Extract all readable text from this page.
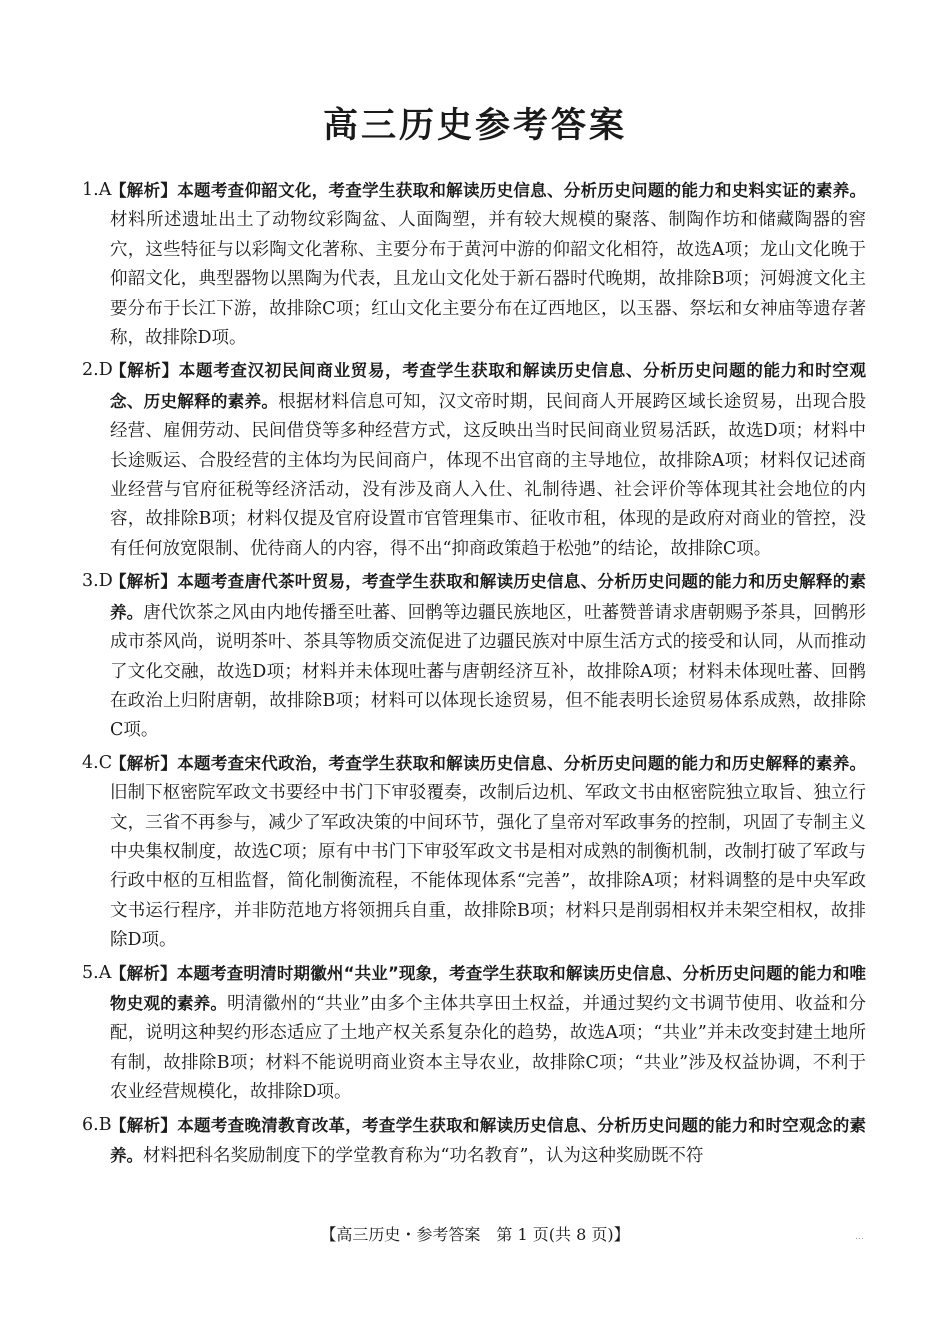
高三历史参考答案

1.A
【解析】本题考查仰韶文化，考查学生获取和解读历史信息、分析历史问题的能力和史料实证的素养。材料所述遗址出土了动物纹彩陶盆、人面陶塑，并有较大规模的聚落、制陶作坊和储藏陶器的窖穴，这些特征与以彩陶文化著称、主要分布于黄河中游的仰韶文化相符，故选A项；龙山文化晚于仰韶文化，典型器物以黑陶为代表，且龙山文化处于新石器时代晚期，故排除B项；河姆渡文化主要分布于长江下游，故排除C项；红山文化主要分布在辽西地区，以玉器、祭坛和女神庙等遗存著称，故排除D项。

2.D
【解析】本题考查汉初民间商业贸易，考查学生获取和解读历史信息、分析历史问题的能力和时空观念、历史解释的素养。根据材料信息可知，汉文帝时期，民间商人开展跨区域长途贸易，出现合股经营、雇佣劳动、民间借贷等多种经营方式，这反映出当时民间商业贸易活跃，故选D项；材料中长途贩运、合股经营的主体均为民间商户，体现不出官商的主导地位，故排除A项；材料仅记述商业经营与官府征税等经济活动，没有涉及商人入仕、礼制待遇、社会评价等体现其社会地位的内容，故排除B项；材料仅提及官府设置市官管理集市、征收市租，体现的是政府对商业的管控，没有任何放宽限制、优待商人的内容，得不出“抑商政策趋于松弛”的结论，故排除C项。

3.D
【解析】本题考查唐代茶叶贸易，考查学生获取和解读历史信息、分析历史问题的能力和历史解释的素养。唐代饮茶之风由内地传播至吐蕃、回鹘等边疆民族地区，吐蕃赞普请求唐朝赐予茶具，回鹘形成市茶风尚，说明茶叶、茶具等物质交流促进了边疆民族对中原生活方式的接受和认同，从而推动了文化交融，故选D项；材料并未体现吐蕃与唐朝经济互补，故排除A项；材料未体现吐蕃、回鹘在政治上归附唐朝，故排除B项；材料可以体现长途贸易，但不能表明长途贸易体系成熟，故排除C项。

4.C
【解析】本题考查宋代政治，考查学生获取和解读历史信息、分析历史问题的能力和历史解释的素养。旧制下枢密院军政文书要经中书门下审驳覆奏，改制后边机、军政文书由枢密院独立取旨、独立行文，三省不再参与，减少了军政决策的中间环节，强化了皇帝对军政事务的控制，巩固了专制主义中央集权制度，故选C项；原有中书门下审驳军政文书是相对成熟的制衡机制，改制打破了军政与行政中枢的互相监督，简化制衡流程，不能体现体系“完善”，故排除A项；材料调整的是中央军政文书运行程序，并非防范地方将领拥兵自重，故排除B项；材料只是削弱相权并未架空相权，故排除D项。

5.A
【解析】本题考查明清时期徽州“共业”现象，考查学生获取和解读历史信息、分析历史问题的能力和唯物史观的素养。明清徽州的“共业”由多个主体共享田土权益，并通过契约文书调节使用、收益和分配，说明这种契约形态适应了土地产权关系复杂化的趋势，故选A项；“共业”并未改变封建土地所有制，故排除B项；材料不能说明商业资本主导农业，故排除C项；“共业”涉及权益协调，不利于农业经营规模化，故排除D项。

6.B
【解析】本题考查晚清教育改革，考查学生获取和解读历史信息、分析历史问题的能力和时空观念的素养。材料把科名奖励制度下的学堂教育称为“功名教育”，认为这种奖励既不符

【高三历史・参考答案　第 1 页(共 8 页)】	…
